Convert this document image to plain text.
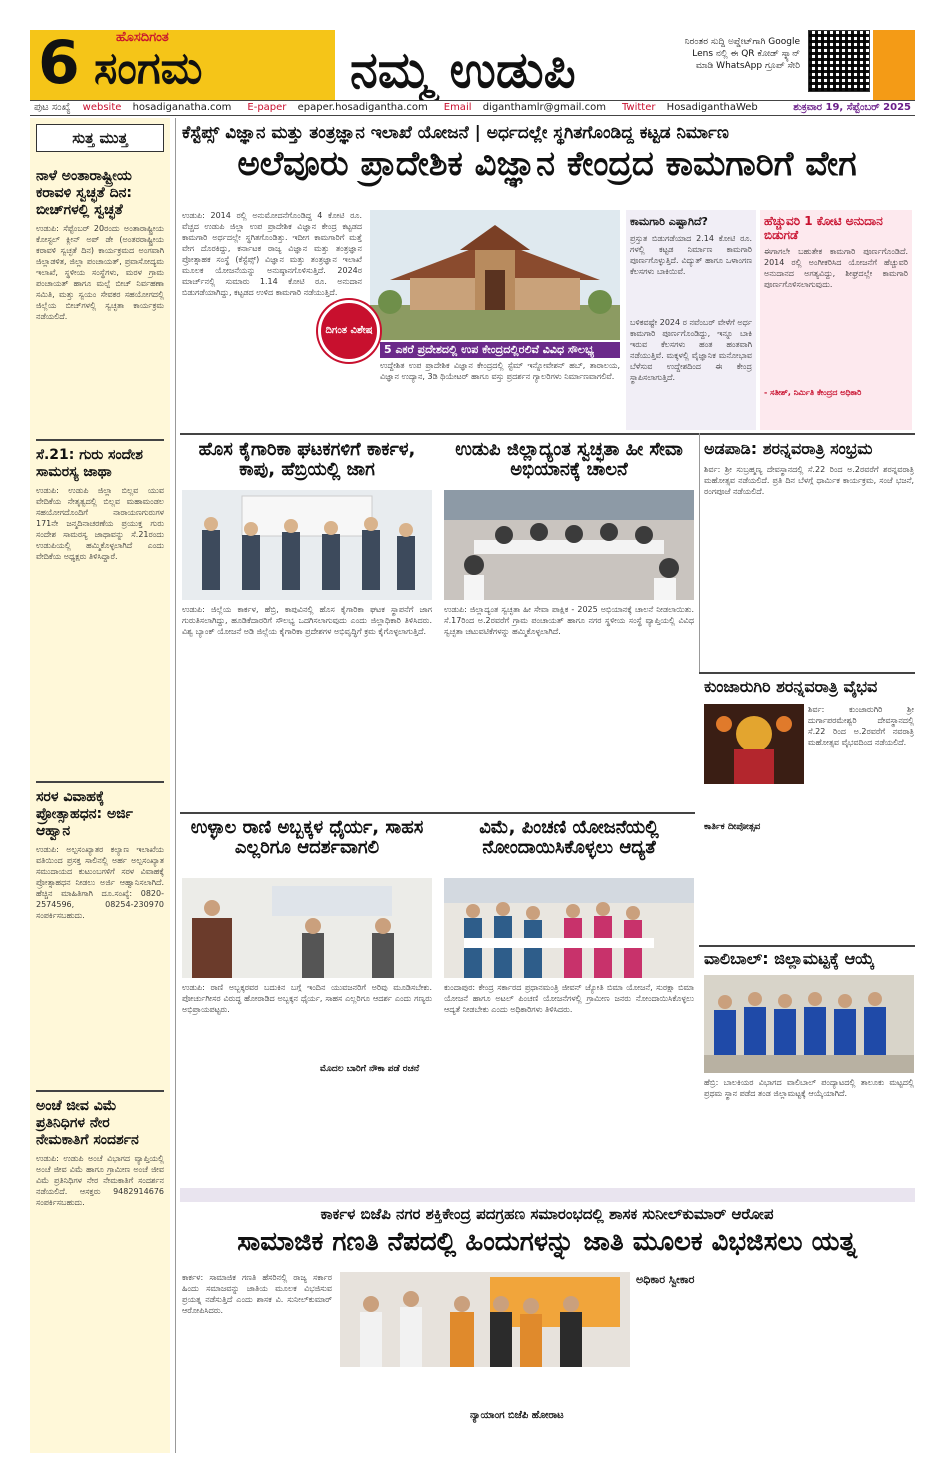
6	ಹೊಸದಿಗಂತ
ಸಂಗಮ	ನಮ್ಮ ಉಡುಪಿ	ನಿರಂತರ ಸುದ್ದಿ ಅಪ್ಡೇಟ್‌ಗಾಗಿ Google Lens ನಲ್ಲಿ ಈ QR ಕೋಡ್ ಸ್ಕ್ಯಾನ್ ಮಾಡಿ WhatsApp ಗ್ರೂಪ್ ಸೇರಿ
ಪುಟ ಸಂಖ್ಯೆ	website hosadiganatha.com	E-paper epaper.hosadigantha.com	Email diganthamlr@gmail.com	Twitter HosadiganthaWeb	ಶುಕ್ರವಾರ 19, ಸೆಪ್ಟೆಂಬರ್ 2025
ಸುತ್ತ ಮುತ್ತ
ನಾಳೆ ಅಂತಾರಾಷ್ಟ್ರೀಯ ಕರಾವಳಿ ಸ್ವಚ್ಛತೆ ದಿನ: ಬೀಚ್‌ಗಳಲ್ಲಿ ಸ್ವಚ್ಛತೆ
ಉಡುಪಿ: ಸೆಪ್ಟೆಂಬರ್ 20ರಂದು ಅಂತಾರಾಷ್ಟ್ರೀಯ ಕೋಸ್ಟಲ್ ಕ್ಲೀನ್ ಅಪ್ ಡೇ (ಅಂತರರಾಷ್ಟ್ರೀಯ ಕರಾವಳಿ ಸ್ವಚ್ಛತೆ ದಿನ) ಕಾರ್ಯಕ್ರಮದ ಅಂಗವಾಗಿ ಜಿಲ್ಲಾಡಳಿತ, ಜಿಲ್ಲಾ ಪಂಚಾಯತ್, ಪ್ರವಾಸೋದ್ಯಮ ಇಲಾಖೆ, ಸ್ಥಳೀಯ ಸಂಸ್ಥೆಗಳು, ಮರಳ ಗ್ರಾಮ ಪಂಚಾಯತ್ ಹಾಗೂ ಮಲ್ಪೆ ಬೀಚ್ ನಿರ್ವಹಣಾ ಸಮಿತಿ, ಮತ್ತು ಸ್ವಯಂ ಸೇವಕರ ಸಹಯೋಗದಲ್ಲಿ ಜಿಲ್ಲೆಯ ಬೀಚ್‌ಗಳಲ್ಲಿ ಸ್ವಚ್ಛತಾ ಕಾರ್ಯಕ್ರಮ ನಡೆಯಲಿದೆ.
ಸೆ.21: ಗುರು ಸಂದೇಶ ಸಾಮರಸ್ಯ ಜಾಥಾ
ಉಡುಪಿ: ಉಡುಪಿ ಜಿಲ್ಲಾ ಬಿಲ್ಲವ ಯುವ ವೇದಿಕೆಯ ನೇತೃತ್ವದಲ್ಲಿ ಬಿಲ್ಲವ ಮಹಾಮಂಡಲ ಸಹಯೋಗದೊಂದಿಗೆ ನಾರಾಯಣಗುರುಗಳ 171ನೇ ಜನ್ಮದಿನಾಚರಣೆಯ ಪ್ರಯುಕ್ತ ಗುರು ಸಂದೇಶ ಸಾಮರಸ್ಯ ಜಾಥಾವನ್ನು ಸೆ.21ರಂದು ಉಡುಪಿಯಲ್ಲಿ ಹಮ್ಮಿಕೊಳ್ಳಲಾಗಿದೆ ಎಂದು ವೇದಿಕೆಯ ಅಧ್ಯಕ್ಷರು ತಿಳಿಸಿದ್ದಾರೆ.
ಸರಳ ವಿವಾಹಕ್ಕೆ ಪ್ರೋತ್ಸಾಹಧನ: ಅರ್ಜಿ ಆಹ್ವಾನ
ಉಡುಪಿ: ಅಲ್ಪಸಂಖ್ಯಾತರ ಕಲ್ಯಾಣ ಇಲಾಖೆಯ ವತಿಯಿಂದ ಪ್ರಸಕ್ತ ಸಾಲಿನಲ್ಲಿ ಅರ್ಹ ಅಲ್ಪಸಂಖ್ಯಾತ ಸಮುದಾಯದ ಕುಟುಂಬಗಳಿಗೆ ಸರಳ ವಿವಾಹಕ್ಕೆ ಪ್ರೋತ್ಸಾಹಧನ ನೀಡಲು ಅರ್ಜಿ ಆಹ್ವಾನಿಸಲಾಗಿದೆ. ಹೆಚ್ಚಿನ ಮಾಹಿತಿಗಾಗಿ ದೂ.ಸಂಖ್ಯೆ: 0820-2574596, 08254-230970 ಸಂಪರ್ಕಿಸಬಹುದು.
ಅಂಚೆ ಜೀವ ವಿಮೆ ಪ್ರತಿನಿಧಿಗಳ ನೇರ ನೇಮಕಾತಿಗೆ ಸಂದರ್ಶನ
ಉಡುಪಿ: ಉಡುಪಿ ಅಂಚೆ ವಿಭಾಗದ ವ್ಯಾಪ್ತಿಯಲ್ಲಿ ಅಂಚೆ ಜೀವ ವಿಮೆ ಹಾಗೂ ಗ್ರಾಮೀಣ ಅಂಚೆ ಜೀವ ವಿಮೆ ಪ್ರತಿನಿಧಿಗಳ ನೇರ ನೇಮಕಾತಿಗೆ ಸಂದರ್ಶನ ನಡೆಯಲಿದೆ. ಆಸಕ್ತರು 9482914676 ಸಂಪರ್ಕಿಸಬಹುದು.
ಕೆಸ್ಟೆಪ್ಸ್ ವಿಜ್ಞಾನ ಮತ್ತು ತಂತ್ರಜ್ಞಾನ ಇಲಾಖೆ ಯೋಜನೆ | ಅರ್ಧದಲ್ಲೇ ಸ್ಥಗಿತಗೊಂಡಿದ್ದ ಕಟ್ಟಡ ನಿರ್ಮಾಣ
ಅಲೆವೂರು ಪ್ರಾದೇಶಿಕ ವಿಜ್ಞಾನ ಕೇಂದ್ರದ ಕಾಮಗಾರಿಗೆ ವೇಗ
ಉಡುಪಿ: 2014 ರಲ್ಲಿ ಅನುಮೋದನೆಗೊಂಡಿದ್ದ 4 ಕೋಟಿ ರೂ. ವೆಚ್ಚದ ಉಡುಪಿ ಜಿಲ್ಲಾ ಉಪ ಪ್ರಾದೇಶಿಕ ವಿಜ್ಞಾನ ಕೇಂದ್ರ ಕಟ್ಟಡದ ಕಾಮಗಾರಿ ಅರ್ಧದಲ್ಲೇ ಸ್ಥಗಿತಗೊಂಡಿತ್ತು. ಇದೀಗ ಕಾಮಗಾರಿಗೆ ಮತ್ತೆ ವೇಗ ದೊರಕಿದ್ದು, ಕರ್ನಾಟಕ ರಾಜ್ಯ ವಿಜ್ಞಾನ ಮತ್ತು ತಂತ್ರಜ್ಞಾನ ಪ್ರೋತ್ಸಾಹಕ ಸಂಸ್ಥೆ (ಕೆಸ್ಟೆಪ್ಸ್) ವಿಜ್ಞಾನ ಮತ್ತು ತಂತ್ರಜ್ಞಾನ ಇಲಾಖೆ ಮೂಲಕ ಯೋಜನೆಯನ್ನು ಅನುಷ್ಠಾನಗೊಳಿಸುತ್ತಿದೆ. 2024ರ ಮಾರ್ಚ್‌ನಲ್ಲಿ ಸುಮಾರು 1.14 ಕೋಟಿ ರೂ. ಅನುದಾನ ಬಿಡುಗಡೆಯಾಗಿದ್ದು, ಕಟ್ಟಡದ ಉಳಿದ ಕಾಮಗಾರಿ ನಡೆಯುತ್ತಿದೆ.
ದಿಗಂತ ವಿಶೇಷ
5 ಎಕರೆ ಪ್ರದೇಶದಲ್ಲಿ ಉಪ ಕೇಂದ್ರದಲ್ಲಿರಲಿವೆ ವಿವಿಧ ಸೌಲಭ್ಯ
ಉದ್ದೇಶಿತ ಉಪ ಪ್ರಾದೇಶಿಕ ವಿಜ್ಞಾನ ಕೇಂದ್ರದಲ್ಲಿ ಸ್ಟೆಮ್ ಇನ್ನೋವೇಶನ್ ಹಬ್, ತಾರಾಲಯ, ವಿಜ್ಞಾನ ಉದ್ಯಾನ, 3ಡಿ ಥಿಯೇಟರ್ ಹಾಗೂ ವಸ್ತು ಪ್ರದರ್ಶನ ಗ್ಯಾಲರಿಗಳು ನಿರ್ಮಾಣವಾಗಲಿವೆ.
ಕಾಮಗಾರಿ ಎಷ್ಟಾಗಿದೆ?
ಪ್ರಸ್ತುತ ಬಿಡುಗಡೆಯಾದ 2.14 ಕೋಟಿ ರೂ. ಗಳಲ್ಲಿ ಕಟ್ಟಡ ನಿರ್ಮಾಣ ಕಾಮಗಾರಿ ಪೂರ್ಣಗೊಳ್ಳುತ್ತಿದೆ. ವಿದ್ಯುತ್ ಹಾಗೂ ಒಳಾಂಗಣ ಕೆಲಸಗಳು ಬಾಕಿಯಿವೆ.
ಬಳಿಕವಷ್ಟೇ 2024 ರ ನವೆಂಬರ್ ವೇಳೆಗೆ ಅರ್ಧ ಕಾಮಗಾರಿ ಪೂರ್ಣಗೊಂಡಿದ್ದು, ಇನ್ನೂ ಬಾಕಿ ಇರುವ ಕೆಲಸಗಳು ಹಂತ ಹಂತವಾಗಿ ನಡೆಯುತ್ತಿವೆ. ಮಕ್ಕಳಲ್ಲಿ ವೈಜ್ಞಾನಿಕ ಮನೋಭಾವ ಬೆಳೆಸುವ ಉದ್ದೇಶದಿಂದ ಈ ಕೇಂದ್ರ ಸ್ಥಾಪಿಸಲಾಗುತ್ತಿದೆ.
ಹೆಚ್ಚುವರಿ 1 ಕೋಟಿ ಅನುದಾನ ಬಿಡುಗಡೆ
ಈಗಾಗಲೇ ಬಹುತೇಕ ಕಾಮಗಾರಿ ಪೂರ್ಣಗೊಂಡಿದೆ. 2014 ರಲ್ಲಿ ಅಂಗೀಕರಿಸಿದ ಯೋಜನೆಗೆ ಹೆಚ್ಚುವರಿ ಅನುದಾನದ ಅಗತ್ಯವಿದ್ದು, ಶೀಘ್ರದಲ್ಲೇ ಕಾಮಗಾರಿ ಪೂರ್ಣಗೊಳಿಸಲಾಗುವುದು.
- ಸತೀಶ್, ನಿರ್ಮಿತಿ ಕೇಂದ್ರದ ಅಧಿಕಾರಿ
ಹೊಸ ಕೈಗಾರಿಕಾ ಘಟಕಗಳಿಗೆ ಕಾರ್ಕಳ, ಕಾಪು, ಹೆಬ್ರಿಯಲ್ಲಿ ಜಾಗ
ಉಡುಪಿ: ಜಿಲ್ಲೆಯ ಕಾರ್ಕಳ, ಹೆಬ್ರಿ, ಕಾಪುವಿನಲ್ಲಿ ಹೊಸ ಕೈಗಾರಿಕಾ ಘಟಕ ಸ್ಥಾಪನೆಗೆ ಜಾಗ ಗುರುತಿಸಲಾಗಿದ್ದು, ಹೂಡಿಕೆದಾರರಿಗೆ ಸೌಲಭ್ಯ ಒದಗಿಸಲಾಗುವುದು ಎಂದು ಜಿಲ್ಲಾಧಿಕಾರಿ ತಿಳಿಸಿದರು. ವಿಶ್ವ ಬ್ಯಾಂಕ್ ಯೋಜನೆ ಅಡಿ ಜಿಲ್ಲೆಯ ಕೈಗಾರಿಕಾ ಪ್ರದೇಶಗಳ ಅಭಿವೃದ್ಧಿಗೆ ಕ್ರಮ ಕೈಗೊಳ್ಳಲಾಗುತ್ತಿದೆ.
ಉಡುಪಿ ಜಿಲ್ಲಾದ್ಯಂತ ಸ್ವಚ್ಛತಾ ಹೀ ಸೇವಾ ಅಭಿಯಾನಕ್ಕೆ ಚಾಲನೆ
ಉಡುಪಿ: ಜಿಲ್ಲಾದ್ಯಂತ ಸ್ವಚ್ಛತಾ ಹೀ ಸೇವಾ ಪಾಕ್ಷಿಕ - 2025 ಅಭಿಯಾನಕ್ಕೆ ಚಾಲನೆ ನೀಡಲಾಯಿತು. ಸೆ.17ರಿಂದ ಅ.2ರವರೆಗೆ ಗ್ರಾಮ ಪಂಚಾಯತ್ ಹಾಗೂ ನಗರ ಸ್ಥಳೀಯ ಸಂಸ್ಥೆ ವ್ಯಾಪ್ತಿಯಲ್ಲಿ ವಿವಿಧ ಸ್ವಚ್ಛತಾ ಚಟುವಟಿಕೆಗಳನ್ನು ಹಮ್ಮಿಕೊಳ್ಳಲಾಗಿದೆ.
ಅಡಪಾಡಿ: ಶರನ್ನವರಾತ್ರಿ ಸಂಭ್ರಮ
ಶಿರ್ವ: ಶ್ರೀ ಸುಬ್ರಹ್ಮಣ್ಯ ದೇವಸ್ಥಾನದಲ್ಲಿ ಸೆ.22 ರಿಂದ ಅ.2ರವರೆಗೆ ಶರನ್ನವರಾತ್ರಿ ಮಹೋತ್ಸವ ನಡೆಯಲಿದೆ. ಪ್ರತಿ ದಿನ ಬೆಳಗ್ಗೆ ಧಾರ್ಮಿಕ ಕಾರ್ಯಕ್ರಮ, ಸಂಜೆ ಭಜನೆ, ರಂಗಪೂಜೆ ನಡೆಯಲಿದೆ.
ಕುಂಜಾರುಗಿರಿ ಶರನ್ನವರಾತ್ರಿ ವೈಭವ
ಶಿರ್ವ: ಕುಂಜಾರುಗಿರಿ ಶ್ರೀ ದುರ್ಗಾಪರಮೇಶ್ವರಿ ದೇವಸ್ಥಾನದಲ್ಲಿ ಸೆ.22 ರಿಂದ ಅ.2ರವರೆಗೆ ನವರಾತ್ರಿ ಮಹೋತ್ಸವ ವೈಭವದಿಂದ ನಡೆಯಲಿದೆ.
ಕಾರ್ತಿಕ ದೀಪೋತ್ಸವ
ಉಳ್ಳಾಲ ರಾಣಿ ಅಬ್ಬಕ್ಕಳ ಧೈರ್ಯ, ಸಾಹಸ ಎಲ್ಲರಿಗೂ ಆದರ್ಶವಾಗಲಿ
ಉಡುಪಿ: ರಾಣಿ ಅಬ್ಬಕ್ಕರವರ ಬದುಕಿನ ಬಗ್ಗೆ ಇಂದಿನ ಯುವಜನರಿಗೆ ಅರಿವು ಮೂಡಿಸಬೇಕು. ಪೋರ್ಚುಗೀಸರ ವಿರುದ್ಧ ಹೋರಾಡಿದ ಅಬ್ಬಕ್ಕನ ಧೈರ್ಯ, ಸಾಹಸ ಎಲ್ಲರಿಗೂ ಆದರ್ಶ ಎಂದು ಗಣ್ಯರು ಅಭಿಪ್ರಾಯಪಟ್ಟರು.
ಮೊದಲ ಬಾರಿಗೆ ನೌಕಾ ಪಡೆ ರಚನೆ
ವಿಮೆ, ಪಿಂಚಣಿ ಯೋಜನೆಯಲ್ಲಿ ನೋಂದಾಯಿಸಿಕೊಳ್ಳಲು ಆದ್ಯತೆ
ಕುಂದಾಪುರ: ಕೇಂದ್ರ ಸರ್ಕಾರದ ಪ್ರಧಾನಮಂತ್ರಿ ಜೀವನ್ ಜ್ಯೋತಿ ಬಿಮಾ ಯೋಜನೆ, ಸುರಕ್ಷಾ ಬಿಮಾ ಯೋಜನೆ ಹಾಗೂ ಅಟಲ್ ಪಿಂಚಣಿ ಯೋಜನೆಗಳಲ್ಲಿ ಗ್ರಾಮೀಣ ಜನರು ನೋಂದಾಯಿಸಿಕೊಳ್ಳಲು ಆದ್ಯತೆ ನೀಡಬೇಕು ಎಂದು ಅಧಿಕಾರಿಗಳು ತಿಳಿಸಿದರು.
ವಾಲಿಬಾಲ್: ಜಿಲ್ಲಾಮಟ್ಟಕ್ಕೆ ಆಯ್ಕೆ
ಹೆಬ್ರಿ: ಬಾಲಕಿಯರ ವಿಭಾಗದ ವಾಲಿಬಾಲ್ ಪಂದ್ಯಾಟದಲ್ಲಿ ತಾಲೂಕು ಮಟ್ಟದಲ್ಲಿ ಪ್ರಥಮ ಸ್ಥಾನ ಪಡೆದ ತಂಡ ಜಿಲ್ಲಾಮಟ್ಟಕ್ಕೆ ಆಯ್ಕೆಯಾಗಿದೆ.
ಕಾರ್ಕಳ ಬಿಜೆಪಿ ನಗರ ಶಕ್ತಿಕೇಂದ್ರ ಪದಗ್ರಹಣ ಸಮಾರಂಭದಲ್ಲಿ ಶಾಸಕ ಸುನೀಲ್‌ಕುಮಾರ್ ಆರೋಪ
ಸಾಮಾಜಿಕ ಗಣತಿ ನೆಪದಲ್ಲಿ ಹಿಂದುಗಳನ್ನು ಜಾತಿ ಮೂಲಕ ವಿಭಜಿಸಲು ಯತ್ನ
ಕಾರ್ಕಳ: ಸಾಮಾಜಿಕ ಗಣತಿ ಹೆಸರಿನಲ್ಲಿ ರಾಜ್ಯ ಸರ್ಕಾರ ಹಿಂದು ಸಮಾಜವನ್ನು ಜಾತಿಯ ಮೂಲಕ ವಿಭಜಿಸುವ ಪ್ರಯತ್ನ ನಡೆಸುತ್ತಿದೆ ಎಂದು ಶಾಸಕ ವಿ. ಸುನೀಲ್‌ಕುಮಾರ್ ಆರೋಪಿಸಿದರು.
ನ್ಯಾಯಾಂಗ ಬಿಜೆಪಿ ಹೋರಾಟ
ಅಧಿಕಾರ ಸ್ವೀಕಾರ
